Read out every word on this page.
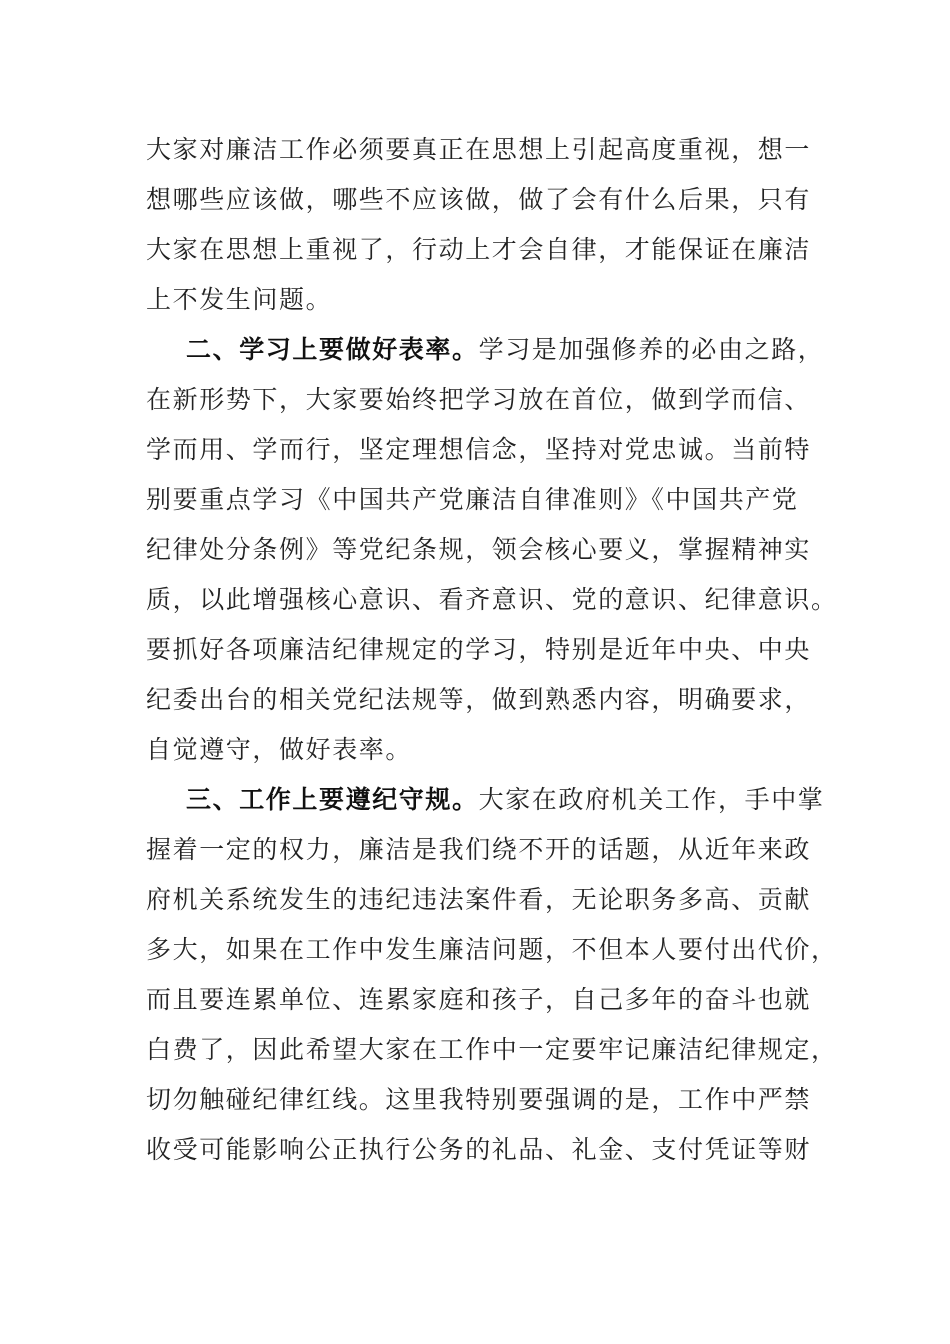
大家对廉洁工作必须要真正在思想上引起高度重视，想一
想哪些应该做，哪些不应该做，做了会有什么后果，只有
大家在思想上重视了，行动上才会自律，才能保证在廉洁
上不发生问题。
二、学习上要做好表率。学习是加强修养的必由之路，
在新形势下，大家要始终把学习放在首位，做到学而信、
学而用、学而行，坚定理想信念，坚持对党忠诚。当前特
别要重点学习《中国共产党廉洁自律准则》《中国共产党
纪律处分条例》等党纪条规，领会核心要义，掌握精神实
质，以此增强核心意识、看齐意识、党的意识、纪律意识。
要抓好各项廉洁纪律规定的学习，特别是近年中央、中央
纪委出台的相关党纪法规等，做到熟悉内容，明确要求，
自觉遵守，做好表率。
三、工作上要遵纪守规。大家在政府机关工作，手中掌
握着一定的权力，廉洁是我们绕不开的话题，从近年来政
府机关系统发生的违纪违法案件看，无论职务多高、贡献
多大，如果在工作中发生廉洁问题，不但本人要付出代价，
而且要连累单位、连累家庭和孩子，自己多年的奋斗也就
白费了，因此希望大家在工作中一定要牢记廉洁纪律规定，
切勿触碰纪律红线。这里我特别要强调的是，工作中严禁
收受可能影响公正执行公务的礼品、礼金、支付凭证等财
